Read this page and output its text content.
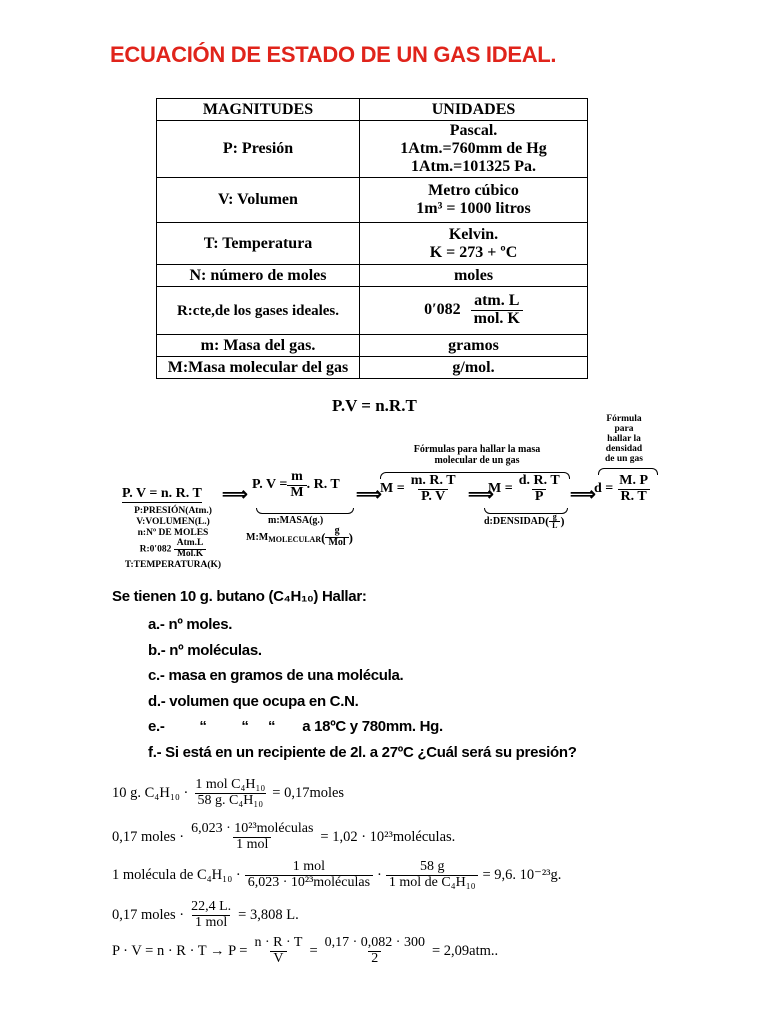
ECUACIÓN DE ESTADO DE UN GAS IDEAL.
MAGNITUDES	UNIDADES
P: Presión	Pascal.
1Atm.=760mm de Hg
1Atm.=101325 Pa.

V: Volumen	Metro cúbico
1m³ = 1000 litros

T: Temperatura	Kelvin.
K = 273 + ºC

N: número de moles	moles
R:cte,de los gases ideales.	$0'082 \frac{\text{atm. L}}{\text{mol. K}}$

m: Masa del gas.	gramos
M:Masa molecular del gas	g/mol.
P.V = n.R.T
Fórmulas para hallar la masa
molecular de un gas
Fórmula
para
hallar la
densidad
de un gas
P. V = n. R. T
P:PRESIÓN(Atm.)
V:VOLUMEN(L.)
n:Nº DE MOLES
R:0′082 $\frac{\text{Atm.L}}{\text{Mol.K}}$
T:TEMPERATURA(K)
⟹ P. $V = \frac{m}{M}$ . R. T
m:MASA(g.)
M:M MOLECULAR ( $\frac{g}{\text{Mol}}$ )
⟹
$M = \frac{m. R. T}{P. V}$ ⟹
$M = \frac{d. R. T}{P}$
d:DENSIDAD ( $\frac{g}{L}$ )
⟹
$d = \frac{M. P}{R. T}$
Se tienen 10 g. butano (C₄H₁₀) Hallar:
a.- nº moles.
b.- nº moléculas.
c.- masa en gramos de una molécula.
d.- volumen que ocupa en C.N.
e.-         “         “     “       a 18ºC y 780mm. Hg.
f.- Si está en un recipiente de 2l. a 27ºC ¿Cuál será su presión?
10 g. $C_4H_{10} \cdot \frac{\text{1 mol C₄H₁₀}}{\text{58 g. C₄H₁₀}}$ = 0,17moles
0,17 moles · $\frac{\text{6,023 · 10²³moléculas}}{\text{1 mol}} = 1,02$ · 10²³moléculas.
1 molécula de $C_4H_{10} \cdot \frac{\text{1 mol}}{\text{6,023 · 10²³moléculas}} \cdot \frac{58 g}{\text{1 mol de C₄H₁₀}} = 9,6$. 10⁻²³g.
0,17 moles · $\frac{22,4 L.}{\text{1 mol}} = 3,808$ L.
$P \cdot V = n \cdot R \cdot T \to P = \frac{n \cdot R \cdot T}{V} = \frac{0,17 \cdot 0,082 \cdot 300}{2} = 2,09atm$..
